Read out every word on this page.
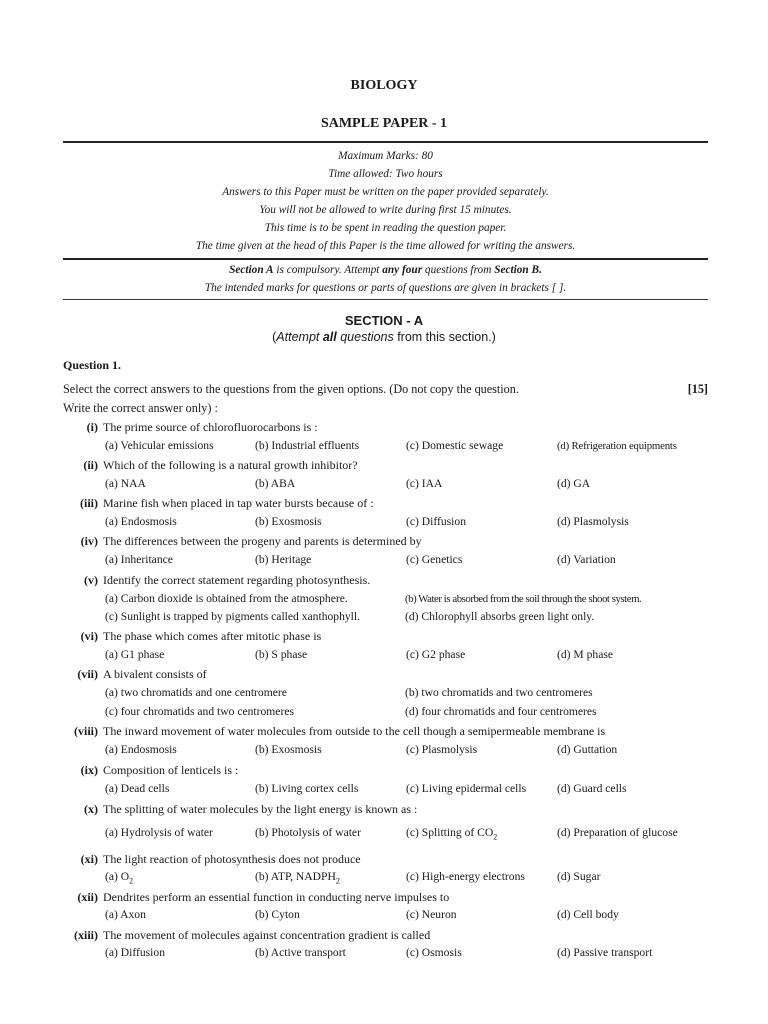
BIOLOGY
SAMPLE PAPER - 1
Maximum Marks: 80
Time allowed: Two hours
Answers to this Paper must be written on the paper provided separately.
You will not be allowed to write during first 15 minutes.
This time is to be spent in reading the question paper.
The time given at the head of this Paper is the time allowed for writing the answers.
Section A is compulsory. Attempt any four questions from Section B.
The intended marks for questions or parts of questions are given in brackets [ ].
SECTION - A
(Attempt all questions from this section.)
Question 1.
Select the correct answers to the questions from the given options. (Do not copy the question.	[15]
Write the correct answer only) :
(i) The prime source of chlorofluorocarbons is :
(a) Vehicular emissions	(b) Industrial effluents	(c) Domestic sewage	(d) Refrigeration equipments
(ii) Which of the following is a natural growth inhibitor?
(a) NAA	(b) ABA	(c) IAA	(d) GA
(iii) Marine fish when placed in tap water bursts because of :
(a) Endosmosis	(b) Exosmosis	(c) Diffusion	(d) Plasmolysis
(iv) The differences between the progeny and parents is determined by
(a) Inheritance	(b) Heritage	(c) Genetics	(d) Variation
(v) Identify the correct statement regarding photosynthesis.
(a) Carbon dioxide is obtained from the atmosphere.	(b) Water is absorbed from the soil through the shoot system.
(c) Sunlight is trapped by pigments called xanthophyll.	(d) Chlorophyll absorbs green light only.
(vi) The phase which comes after mitotic phase is
(a) G1 phase	(b) S phase	(c) G2 phase	(d) M phase
(vii) A bivalent consists of
(a) two chromatids and one centromere	(b) two chromatids and two centromeres
(c) four chromatids and two centromeres	(d) four chromatids and four centromeres
(viii) The inward movement of water molecules from outside to the cell though a semipermeable membrane is
(a) Endosmosis	(b) Exosmosis	(c) Plasmolysis	(d) Guttation
(ix) Composition of lenticels is :
(a) Dead cells	(b) Living cortex cells	(c) Living epidermal cells	(d) Guard cells
(x) The splitting of water molecules by the light energy is known as :
(a) Hydrolysis of water	(b) Photolysis of water	(c) Splitting of $CO_2$	(d) Preparation of glucose
(xi) The light reaction of photosynthesis does not produce
(a) $O_2$	(b) ATP, $NADPH_2$	(c) High-energy electrons	(d) Sugar
(xii) Dendrites perform an essential function in conducting nerve impulses to
(a) Axon	(b) Cyton	(c) Neuron	(d) Cell body
(xiii) The movement of molecules against concentration gradient is called
(a) Diffusion	(b) Active transport	(c) Osmosis	(d) Passive transport
